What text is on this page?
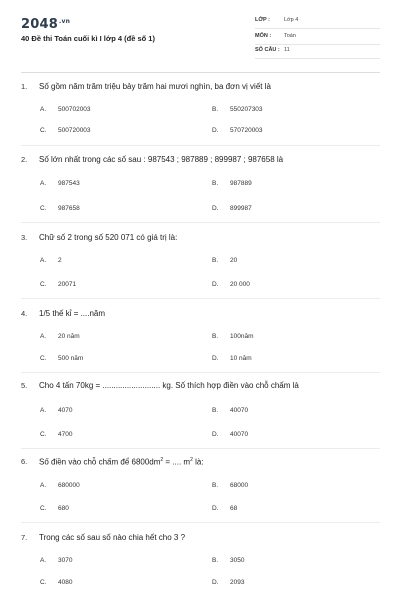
$2048^{.vn}$
40 Đề thi Toán cuối kì I lớp 4 (đề số 1)
LỚP :	Lớp 4
MÔN : Toán
SỐ CÂU : 11
1. Số gồm năm trăm triệu bảy trăm hai mươi nghìn, ba đơn vị viết là
A. 500702003	B. 550207303
C. 500720003	D. 570720003
2. Số lớn nhất trong các số sau : 987543 ; 987889 ; 899987 ; 987658 là
A. 987543	B. 987889
C. 987658	D. 899987
3. Chữ số 2 trong số 520 071 có giá trị là:
A. 2	B. 20
C. 20071	D. 20 000
4. 1/5 thế kỉ = ....năm
A. 20 năm	B. 100năm
C. 500 năm	D. 10 năm
5. Cho 4 tấn 70kg = .......................... kg. Số thích hợp điền vào chỗ chấm là
A. 4070	B. 40070
C. 4700	D. 40070
6. Số điền vào chỗ chấm để $6800dm^2$ = .... $m^2$ là:
A. 680000	B. 68000
C. 680	D. 68
7. Trong các số sau số nào chia hết cho 3 ?
A. 3070	B. 3050
C. 4080	D. 2093
